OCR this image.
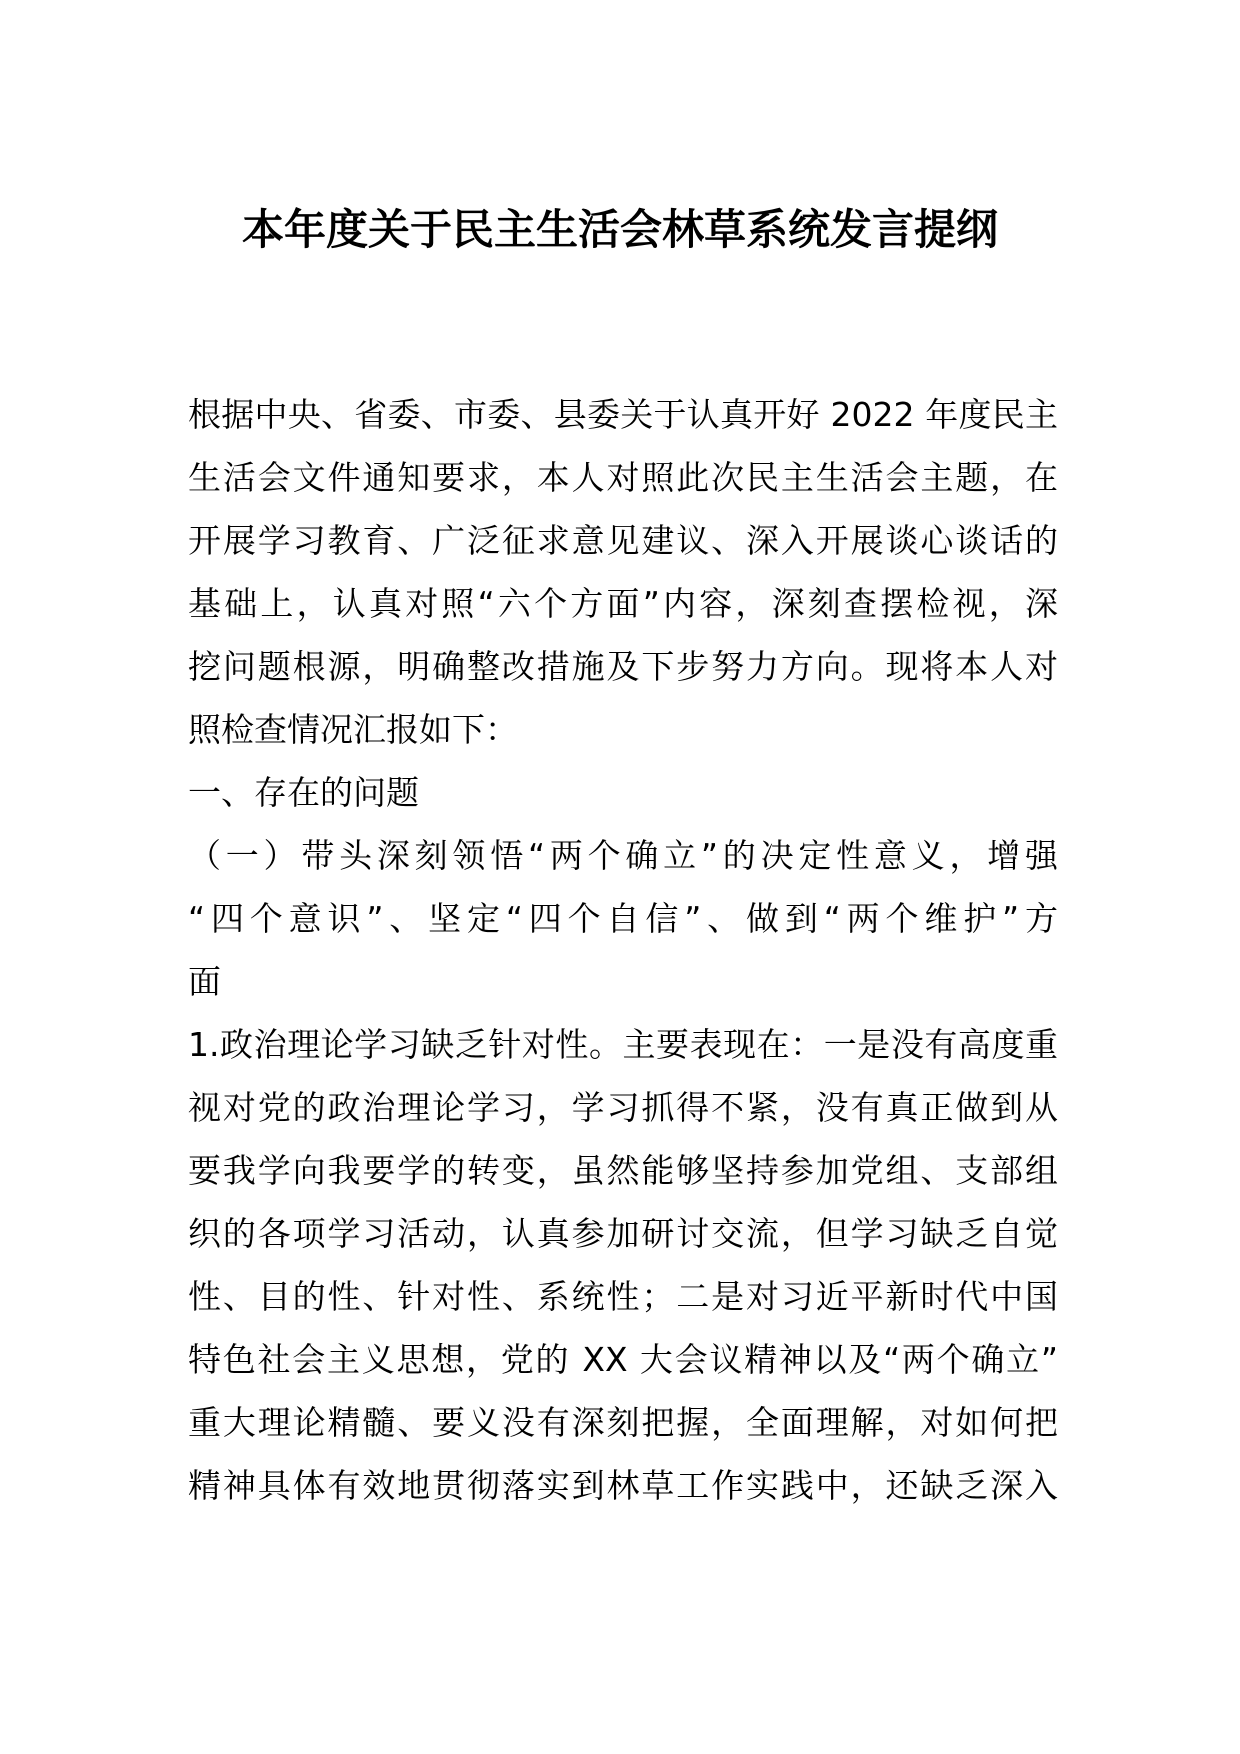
本年度关于民主生活会林草系统发言提纲

根据中央、省委、市委、县委关于认真开好 2022 年度民主

生活会文件通知要求，本人对照此次民主生活会主题，在

开展学习教育、广泛征求意见建议、深入开展谈心谈话的

基础上，认真对照“六个方面”内容，深刻查摆检视，深

挖问题根源，明确整改措施及下步努力方向。现将本人对

照检查情况汇报如下：

一、存在的问题

（一）带头深刻领悟“两个确立”的决定性意义，增强

“四个意识”、坚定“四个自信”、做到“两个维护”方

面

1.政治理论学习缺乏针对性。主要表现在：一是没有高度重

视对党的政治理论学习，学习抓得不紧，没有真正做到从

要我学向我要学的转变，虽然能够坚持参加党组、支部组

织的各项学习活动，认真参加研讨交流，但学习缺乏自觉

性、目的性、针对性、系统性；二是对习近平新时代中国

特色社会主义思想，党的 XX 大会议精神以及“两个确立”

重大理论精髓、要义没有深刻把握，全面理解，对如何把

精神具体有效地贯彻落实到林草工作实践中，还缺乏深入
